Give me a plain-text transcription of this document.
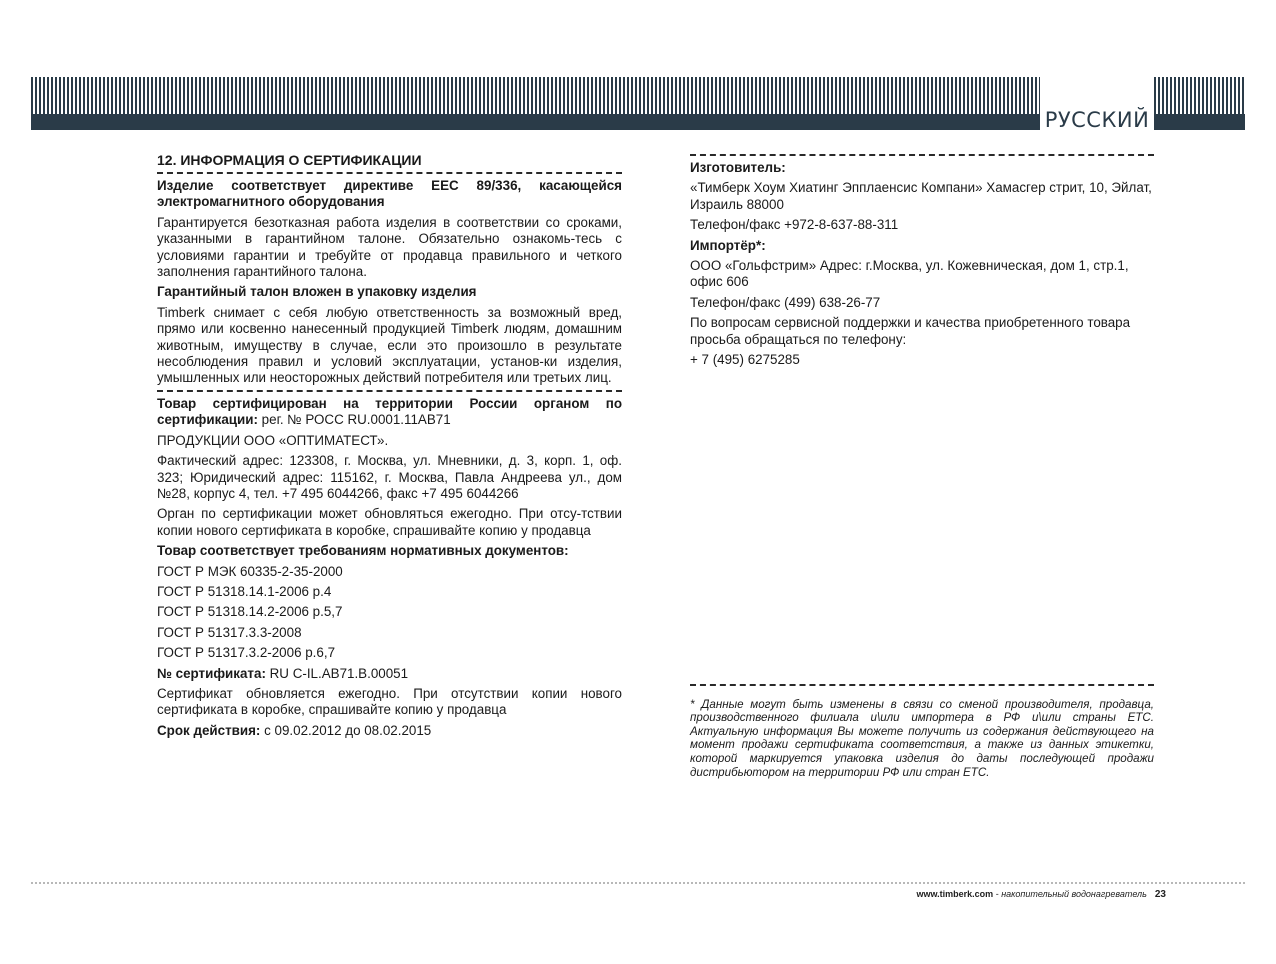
РУССКИЙ

12. ИНФОРМАЦИЯ О СЕРТИФИКАЦИИ

Изделие соответствует директиве ЕЕС 89/336, касающейся электромагнитного оборудования

Гарантируется безотказная работа изделия в соответствии со сроками, указанными в гарантийном талоне. Обязательно ознакомь-тесь с условиями гарантии и требуйте от продавца правильного и четкого заполнения гарантийного талона.

Гарантийный талон вложен в упаковку изделия

Timberk снимает с себя любую ответственность за возможный вред, прямо или косвенно нанесенный продукцией Timberk людям, домашним животным, имуществу в случае, если это произошло в результате несоблюдения правил и условий эксплуатации, установ-ки изделия, умышленных или неосторожных действий потребителя или третьих лиц.

Товар сертифицирован на территории России органом по сертификации: рег. № РОСС RU.0001.11АВ71

ПРОДУКЦИИ ООО «ОПТИМАТЕСТ».

Фактический адрес: 123308, г. Москва, ул. Мневники, д. 3, корп. 1, оф. 323; Юридический адрес: 115162, г. Москва, Павла Андреева ул., дом №28, корпус 4, тел. +7 495 6044266, факс +7 495 6044266

Орган по сертификации может обновляться ежегодно. При отсу-тствии копии нового сертификата в коробке, спрашивайте копию у продавца

Товар соответствует требованиям нормативных документов:

ГОСТ Р МЭК 60335-2-35-2000

ГОСТ Р 51318.14.1-2006 р.4

ГОСТ Р 51318.14.2-2006 р.5,7

ГОСТ Р 51317.3.3-2008

ГОСТ Р 51317.3.2-2006 р.6,7

№ сертификата: RU C-IL.AB71.B.00051

Сертификат обновляется ежегодно. При отсутствии копии нового сертификата в коробке, спрашивайте копию у продавца

Срок действия: с 09.02.2012 до 08.02.2015

Изготовитель:

«Тимберк Хоум Хиатинг Эпплаенсис Компани» Хамасгер стрит, 10, Эйлат, Израиль 88000

Телефон/факс +972-8-637-88-311

Импортёр*:

ООО «Гольфстрим» Адрес: г.Москва, ул. Кожевническая, дом 1, стр.1, офис 606

Телефон/факс (499) 638-26-77

По вопросам сервисной поддержки и качества приобретенного товара просьба обращаться по телефону:

+ 7 (495) 6275285

* Данные могут быть изменены в связи со сменой производителя, продавца, производственного филиала и\или импортера в РФ и\или страны ЕТС. Актуальную информация Вы можете получить из содержания действующего на момент продажи сертификата соответствия, а также из данных этикетки, которой маркируется упаковка изделия до даты последующей продажи дистрибьютором на территории РФ или стран ЕТС.

www.timberk.com - накопительный водонагреватель 23
